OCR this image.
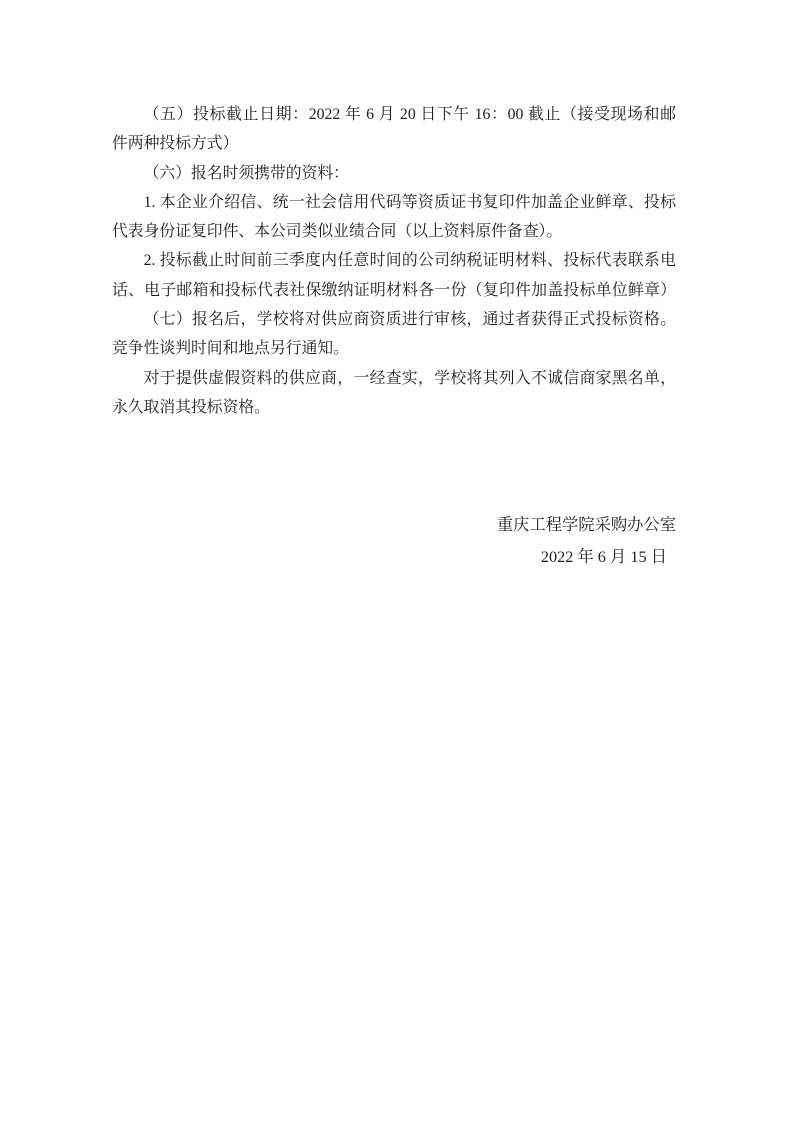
（五）投标截止日期：2022 年 6 月 20 日下午 16：00 截止（接受现场和邮
件两种投标方式）
（六）报名时须携带的资料：
1. 本企业介绍信、统一社会信用代码等资质证书复印件加盖企业鲜章、投标
代表身份证复印件、本公司类似业绩合同（以上资料原件备查）。
2. 投标截止时间前三季度内任意时间的公司纳税证明材料、投标代表联系电
话、电子邮箱和投标代表社保缴纳证明材料各一份（复印件加盖投标单位鲜章）
（七）报名后，学校将对供应商资质进行审核，通过者获得正式投标资格。
竞争性谈判时间和地点另行通知。
对于提供虚假资料的供应商，一经查实，学校将其列入不诚信商家黑名单，
永久取消其投标资格。
重庆工程学院采购办公室
2022 年 6 月 15 日
